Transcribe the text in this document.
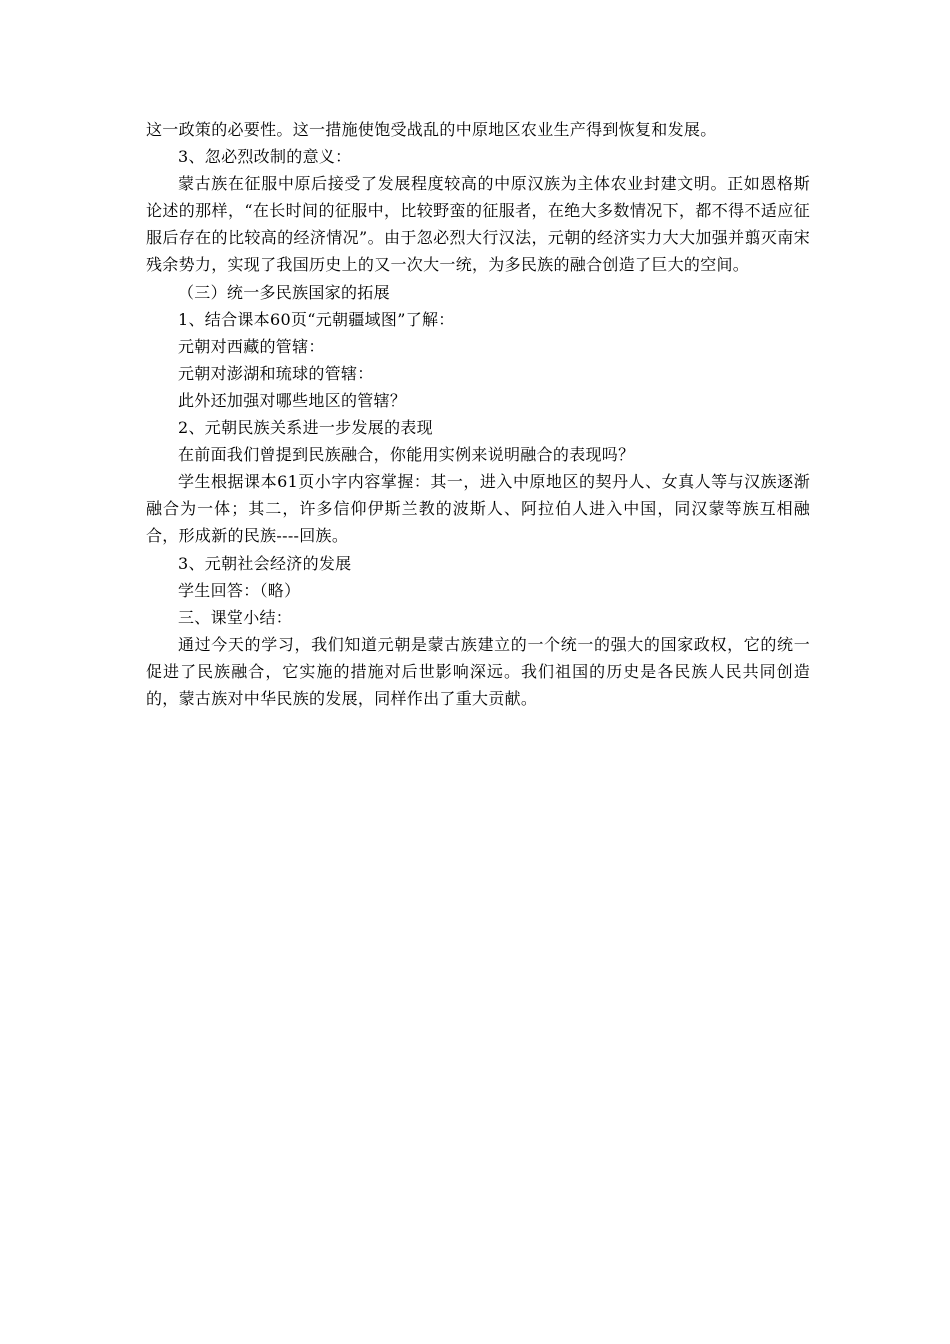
这一政策的必要性。这一措施使饱受战乱的中原地区农业生产得到恢复和发展。

3、忽必烈改制的意义：

蒙古族在征服中原后接受了发展程度较高的中原汉族为主体农业封建文明。正如恩格斯论述的那样，“在长时间的征服中，比较野蛮的征服者，在绝大多数情况下，都不得不适应征服后存在的比较高的经济情况”。由于忽必烈大行汉法，元朝的经济实力大大加强并翦灭南宋残余势力，实现了我国历史上的又一次大一统，为多民族的融合创造了巨大的空间。

（三）统一多民族国家的拓展

1、结合课本60页“元朝疆域图”了解：

元朝对西藏的管辖：

元朝对澎湖和琉球的管辖：

此外还加强对哪些地区的管辖？

2、元朝民族关系进一步发展的表现

在前面我们曾提到民族融合，你能用实例来说明融合的表现吗？

学生根据课本61页小字内容掌握：其一，进入中原地区的契丹人、女真人等与汉族逐渐融合为一体；其二，许多信仰伊斯兰教的波斯人、阿拉伯人进入中国，同汉蒙等族互相融合，形成新的民族----回族。

3、元朝社会经济的发展

学生回答：（略）

三、课堂小结：

通过今天的学习，我们知道元朝是蒙古族建立的一个统一的强大的国家政权，它的统一促进了民族融合，它实施的措施对后世影响深远。我们祖国的历史是各民族人民共同创造的，蒙古族对中华民族的发展，同样作出了重大贡献。
